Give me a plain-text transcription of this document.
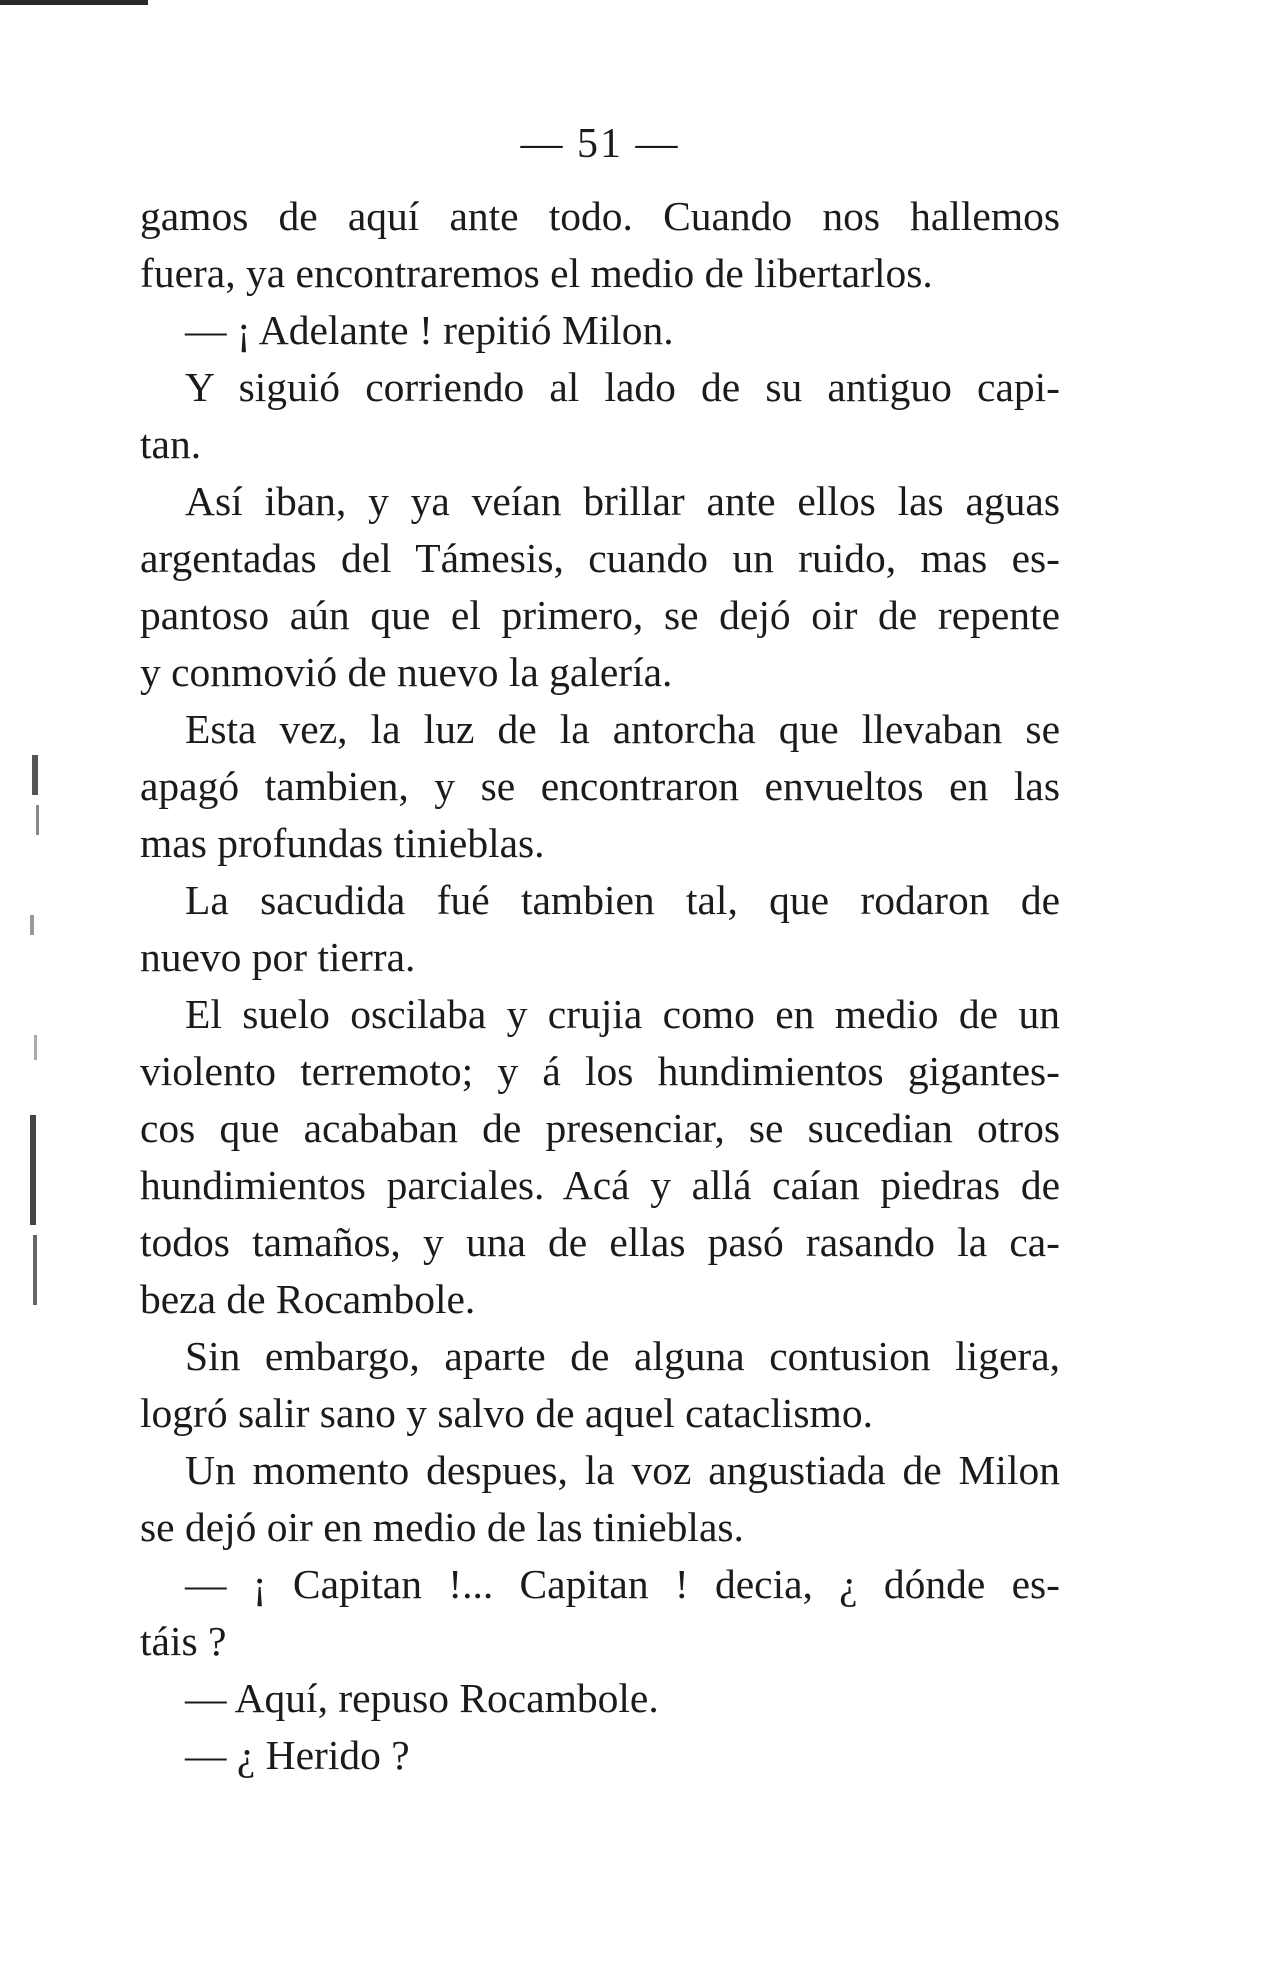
— 51 —
gamos de aquí ante todo. Cuando nos hallemos
fuera, ya encontraremos el medio de libertarlos.
— ¡ Adelante ! repitió Milon.
Y siguió corriendo al lado de su antiguo capi-
tan.
Así iban, y ya veían brillar ante ellos las aguas
argentadas del Támesis, cuando un ruido, mas es-
pantoso aún que el primero, se dejó oir de repente
y conmovió de nuevo la galería.
Esta vez, la luz de la antorcha que llevaban se
apagó tambien, y se encontraron envueltos en las
mas profundas tinieblas.
La sacudida fué tambien tal, que rodaron de
nuevo por tierra.
El suelo oscilaba y crujia como en medio de un
violento terremoto; y á los hundimientos gigantes-
cos que acababan de presenciar, se sucedian otros
hundimientos parciales. Acá y allá caían piedras de
todos tamaños, y una de ellas pasó rasando la ca-
beza de Rocambole.
Sin embargo, aparte de alguna contusion ligera,
logró salir sano y salvo de aquel cataclismo.
Un momento despues, la voz angustiada de Milon
se dejó oir en medio de las tinieblas.
— ¡ Capitan !... Capitan ! decia, ¿ dónde es-
táis ?
— Aquí, repuso Rocambole.
— ¿ Herido ?
